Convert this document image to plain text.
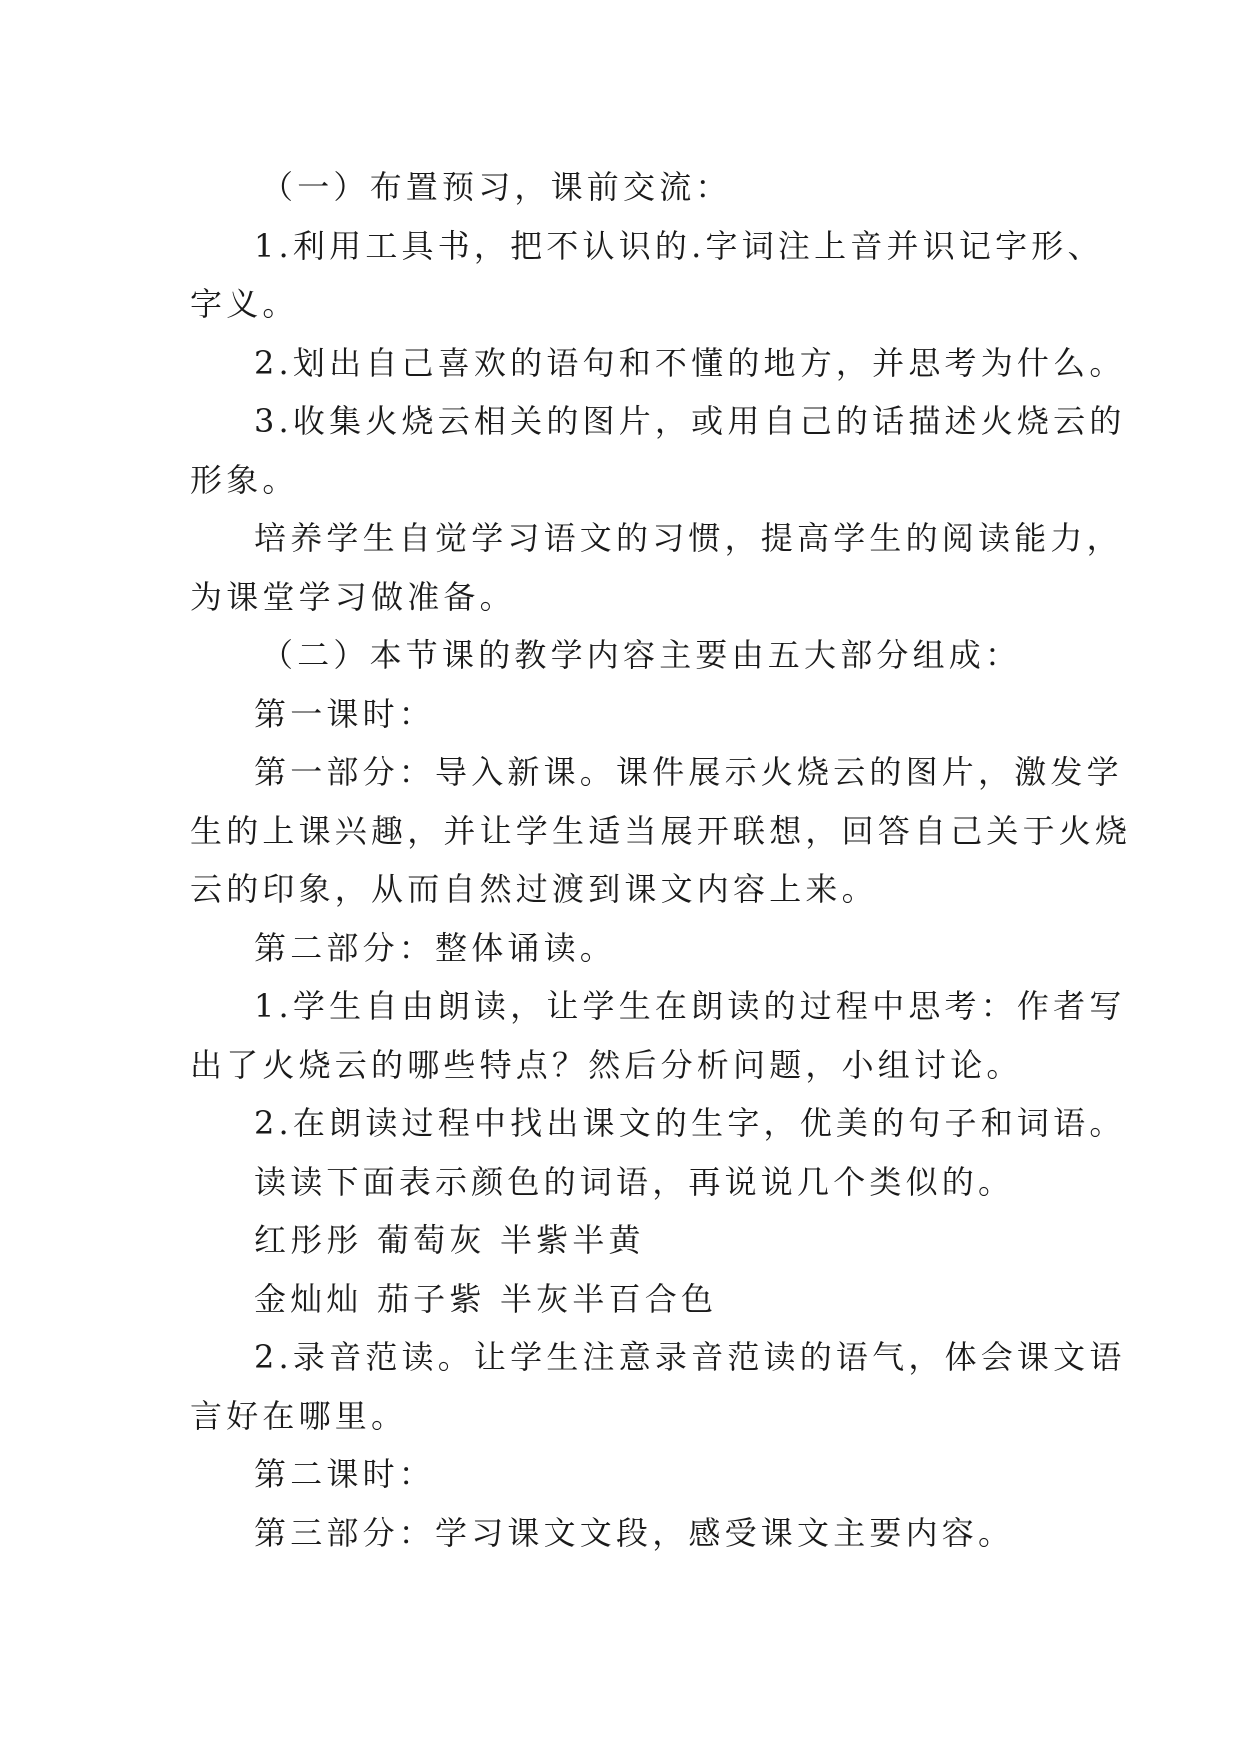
（一）布置预习，课前交流：

1.利用工具书，把不认识的.字词注上音并识记字形、

字义。

2.划出自己喜欢的语句和不懂的地方，并思考为什么。

3.收集火烧云相关的图片，或用自己的话描述火烧云的

形象。

培养学生自觉学习语文的习惯，提高学生的阅读能力，

为课堂学习做准备。

（二）本节课的教学内容主要由五大部分组成：

第一课时：

第一部分：导入新课。课件展示火烧云的图片，激发学

生的上课兴趣，并让学生适当展开联想，回答自己关于火烧

云的印象，从而自然过渡到课文内容上来。

第二部分：整体诵读。

1.学生自由朗读，让学生在朗读的过程中思考：作者写

出了火烧云的哪些特点？然后分析问题，小组讨论。

2.在朗读过程中找出课文的生字，优美的句子和词语。

读读下面表示颜色的词语，再说说几个类似的。

红彤彤 葡萄灰 半紫半黄

金灿灿 茄子紫 半灰半百合色

2.录音范读。让学生注意录音范读的语气，体会课文语

言好在哪里。

第二课时：

第三部分：学习课文文段，感受课文主要内容。
